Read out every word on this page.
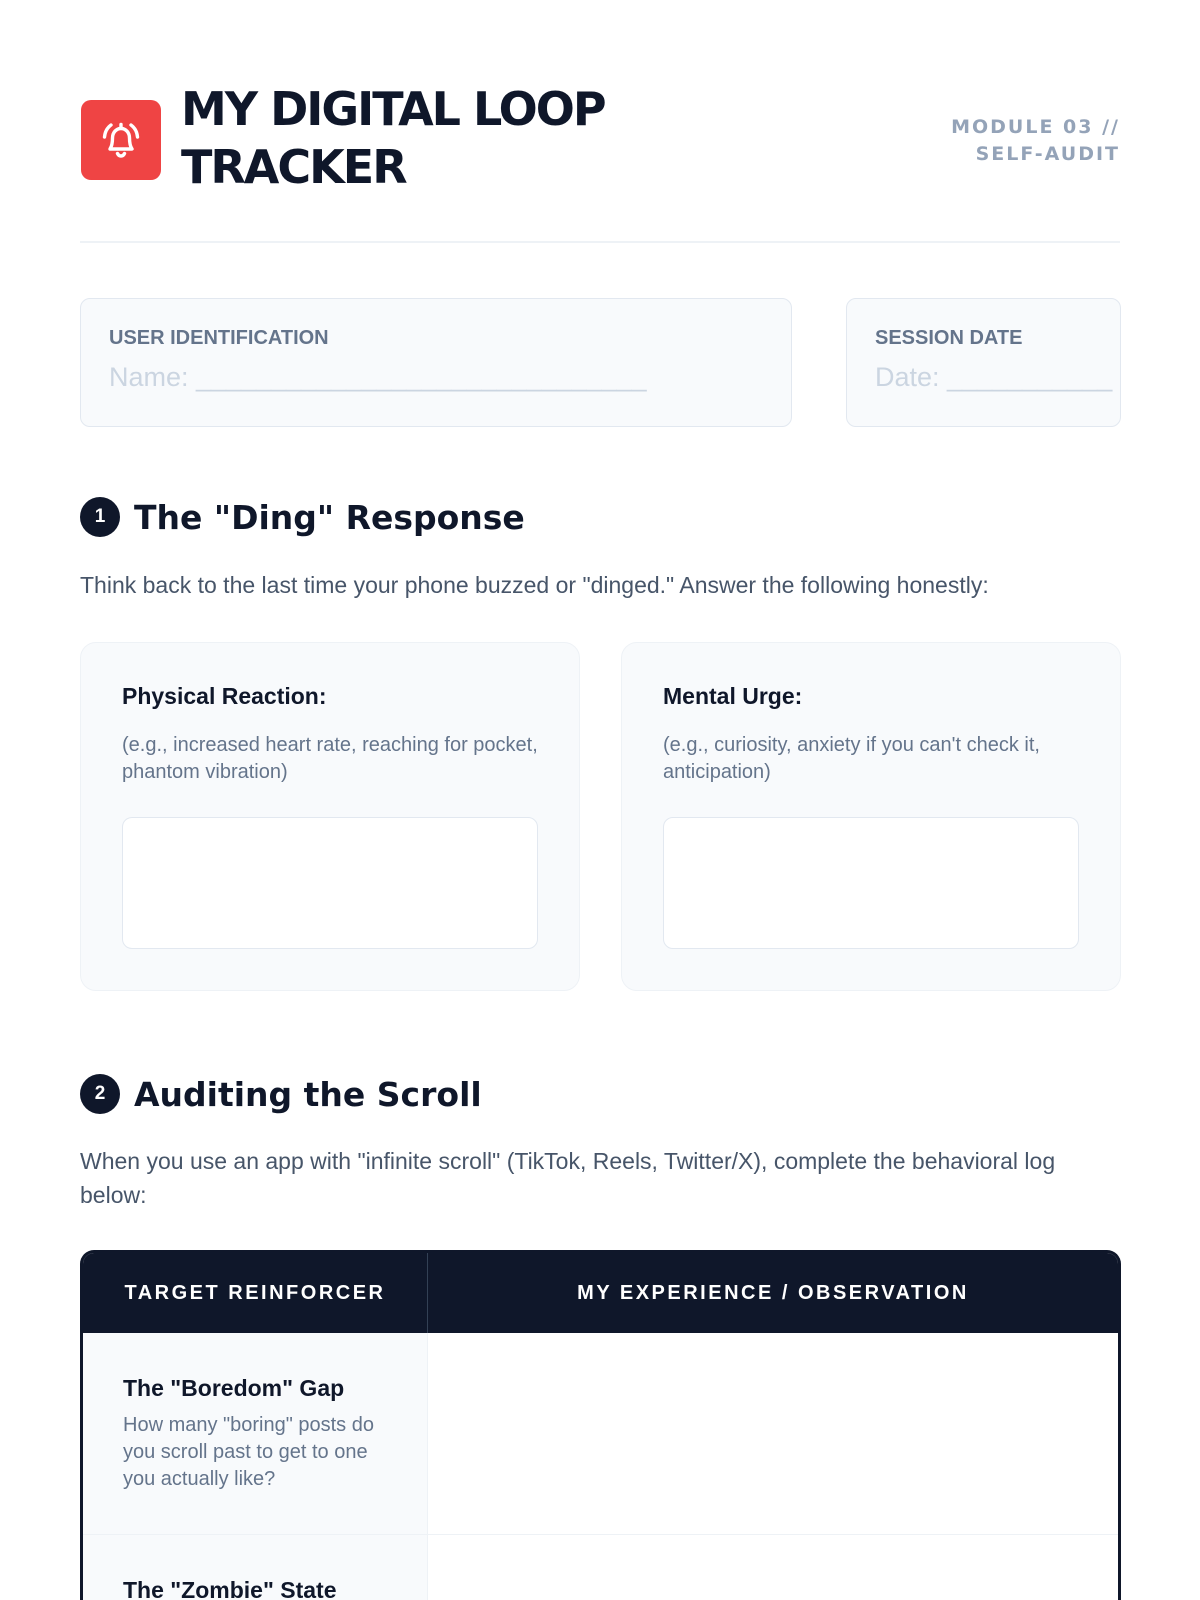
MY DIGITAL LOOP TRACKER
MODULE 03 // SELF-AUDIT
USER IDENTIFICATION
Name: ______________________________
SESSION DATE
Date: ___________
1 The "Ding" Response
Think back to the last time your phone buzzed or "dinged." Answer the following honestly:
Physical Reaction:
(e.g., increased heart rate, reaching for pocket, phantom vibration)
Mental Urge:
(e.g., curiosity, anxiety if you can't check it, anticipation)
2 Auditing the Scroll
When you use an app with "infinite scroll" (TikTok, Reels, Twitter/X), complete the behavioral log below:
TARGET REINFORCER	MY EXPERIENCE / OBSERVATION
The "Boredom" Gap
How many "boring" posts do you scroll past to get to one you actually like?
The "Zombie" State
